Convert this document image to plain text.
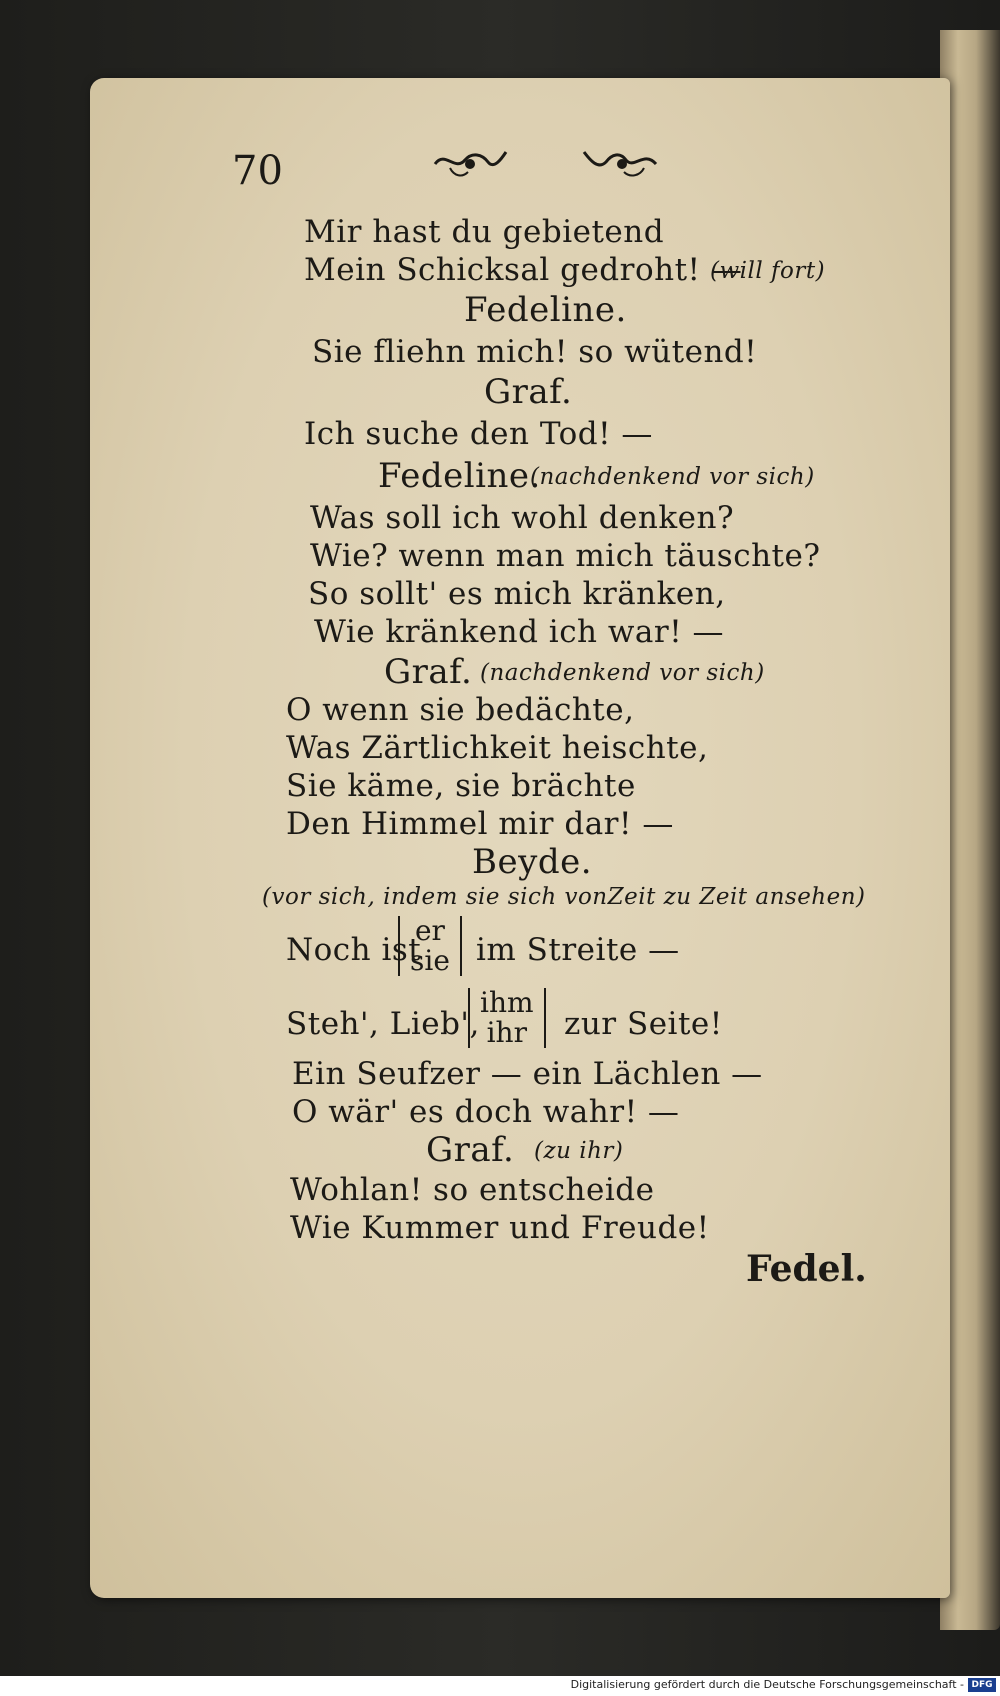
70
Mir hast du gebietend
Mein Schicksal gedroht! —
(will fort)
Fedeline.
Sie fliehn mich! so wütend!
Graf.
Ich suche den Tod! —
Fedeline.
(nachdenkend vor sich)
Was soll ich wohl denken?
Wie? wenn man mich täuschte?
So sollt' es mich kränken,
Wie kränkend ich war! —
Graf. (nachdenkend vor sich)
O wenn sie bedächte,
Was Zärtlichkeit heischte,
Sie käme, sie brächte
Den Himmel mir dar! —
Beyde.
(vor sich, indem sie sich vonZeit zu Zeit ansehen)
Noch ist
er
sie im Streite —
Steh', Lieb',
ihm
ihr zur Seite!
Ein Seufzer — ein Lächlen —
O wär' es doch wahr! —
Graf. (zu ihr)
Wohlan! so entscheide
Wie Kummer und Freude!
Fedel.
Digitalisierung gefördert durch die Deutsche Forschungsgemeinschaft - DFG
